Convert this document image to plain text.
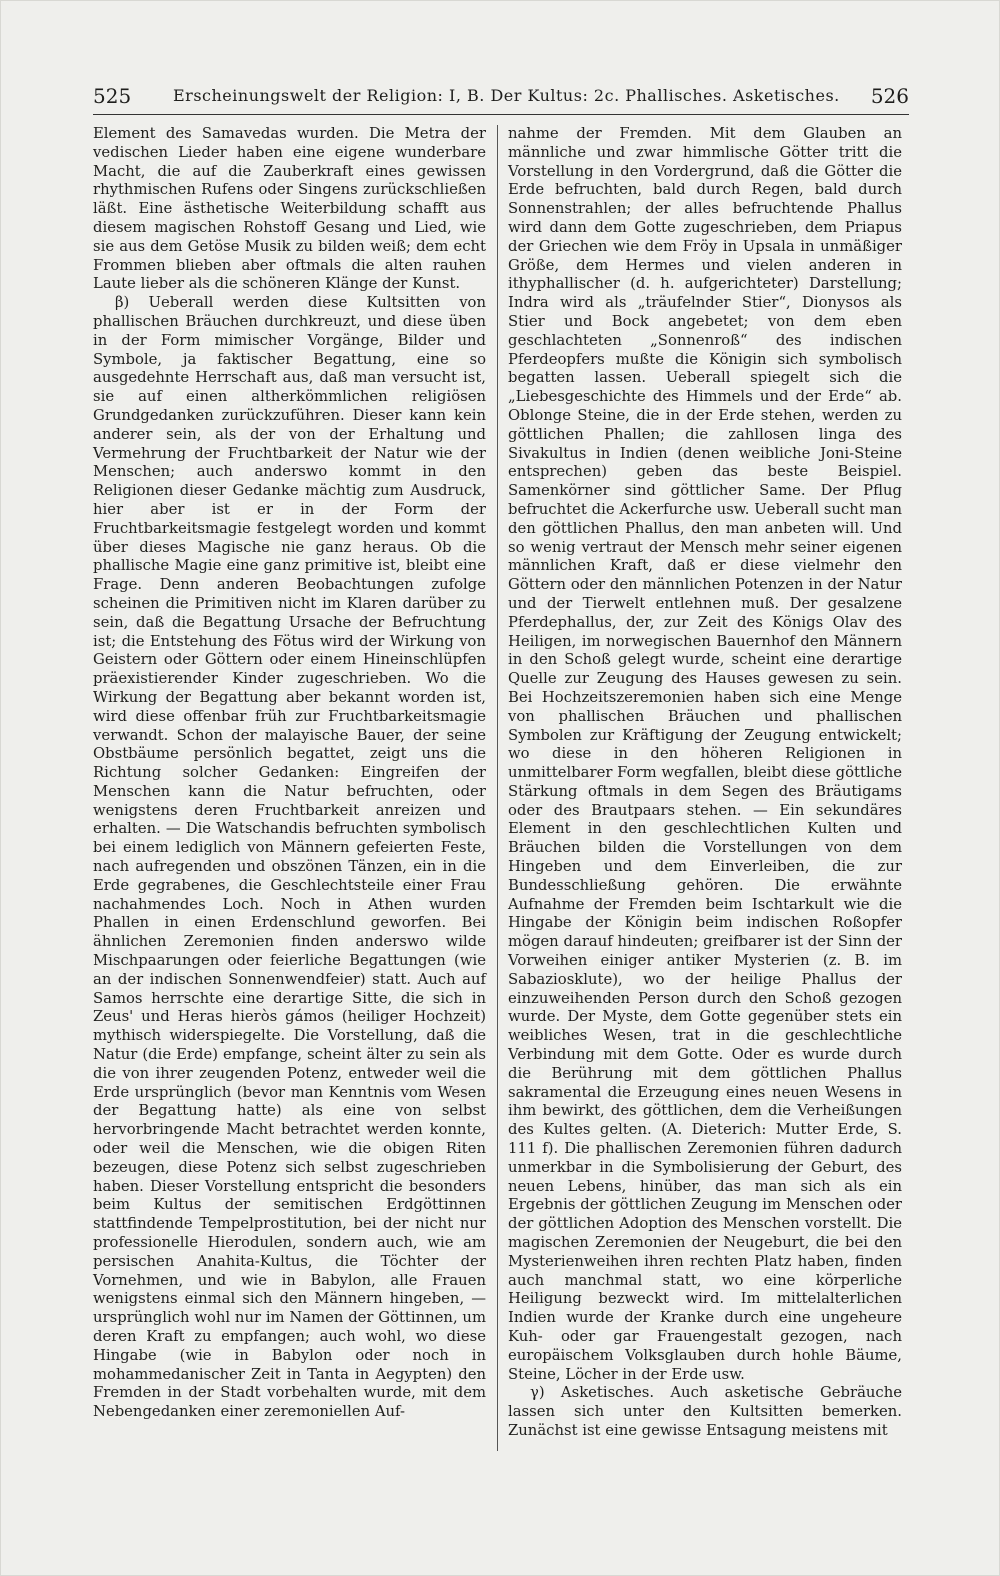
525	Erscheinungswelt der Religion: I, B. Der Kultus: 2c. Phallisches. Asketisches. 526

Element des Samavedas wurden. Die Metra der vedischen Lieder haben eine eigene wunderbare Macht, die auf die Zauberkraft eines gewissen rhythmischen Rufens oder Singens zurückschließen läßt. Eine ästhetische Weiterbildung schafft aus diesem magischen Rohstoff Gesang und Lied, wie sie aus dem Getöse Musik zu bilden weiß; dem echt Frommen blieben aber oftmals die alten rauhen Laute lieber als die schöneren Klänge der Kunst.

β) Ueberall werden diese Kultsitten von phallischen Bräuchen durchkreuzt, und diese üben in der Form mimischer Vorgänge, Bilder und Symbole, ja faktischer Begattung, eine so ausgedehnte Herrschaft aus, daß man versucht ist, sie auf einen altherkömmlichen religiösen Grundgedanken zurückzuführen. Dieser kann kein anderer sein, als der von der Erhaltung und Vermehrung der Fruchtbarkeit der Natur wie der Menschen; auch anderswo kommt in den Religionen dieser Gedanke mächtig zum Ausdruck, hier aber ist er in der Form der Fruchtbarkeitsmagie festgelegt worden und kommt über dieses Magische nie ganz heraus. Ob die phallische Magie eine ganz primitive ist, bleibt eine Frage. Denn anderen Beobachtungen zufolge scheinen die Primitiven nicht im Klaren darüber zu sein, daß die Begattung Ursache der Befruchtung ist; die Entstehung des Fötus wird der Wirkung von Geistern oder Göttern oder einem Hineinschlüpfen präexistierender Kinder zugeschrieben. Wo die Wirkung der Begattung aber bekannt worden ist, wird diese offenbar früh zur Fruchtbarkeitsmagie verwandt. Schon der malayische Bauer, der seine Obstbäume persönlich begattet, zeigt uns die Richtung solcher Gedanken: Eingreifen der Menschen kann die Natur befruchten, oder wenigstens deren Fruchtbarkeit anreizen und erhalten. — Die Watschandis befruchten symbolisch bei einem lediglich von Männern gefeierten Feste, nach aufregenden und obszönen Tänzen, ein in die Erde gegrabenes, die Geschlechtsteile einer Frau nachahmendes Loch. Noch in Athen wurden Phallen in einen Erdenschlund geworfen. Bei ähnlichen Zeremonien finden anderswo wilde Mischpaarungen oder feierliche Begattungen (wie an der indischen Sonnenwendfeier) statt. Auch auf Samos herrschte eine derartige Sitte, die sich in Zeus' und Heras hieròs gámos (heiliger Hochzeit) mythisch widerspiegelte. Die Vorstellung, daß die Natur (die Erde) empfange, scheint älter zu sein als die von ihrer zeugenden Potenz, entweder weil die Erde ursprünglich (bevor man Kenntnis vom Wesen der Begattung hatte) als eine von selbst hervorbringende Macht betrachtet werden konnte, oder weil die Menschen, wie die obigen Riten bezeugen, diese Potenz sich selbst zugeschrieben haben. Dieser Vorstellung entspricht die besonders beim Kultus der semitischen Erdgöttinnen stattfindende Tempelprostitution, bei der nicht nur professionelle Hierodulen, sondern auch, wie am persischen Anahita-Kultus, die Töchter der Vornehmen, und wie in Babylon, alle Frauen wenigstens einmal sich den Männern hingeben, — ursprünglich wohl nur im Namen der Göttinnen, um deren Kraft zu empfangen; auch wohl, wo diese Hingabe (wie in Babylon oder noch in mohammedanischer Zeit in Tanta in Aegypten) den Fremden in der Stadt vorbehalten wurde, mit dem Nebengedanken einer zeremoniellen Auf-

nahme der Fremden. Mit dem Glauben an männliche und zwar himmlische Götter tritt die Vorstellung in den Vordergrund, daß die Götter die Erde befruchten, bald durch Regen, bald durch Sonnenstrahlen; der alles befruchtende Phallus wird dann dem Gotte zugeschrieben, dem Priapus der Griechen wie dem Fröy in Upsala in unmäßiger Größe, dem Hermes und vielen anderen in ithyphallischer (d. h. aufgerichteter) Darstellung; Indra wird als „träufelnder Stier“, Dionysos als Stier und Bock angebetet; von dem eben geschlachteten „Sonnenroß“ des indischen Pferdeopfers mußte die Königin sich symbolisch begatten lassen. Ueberall spiegelt sich die „Liebesgeschichte des Himmels und der Erde“ ab. Oblonge Steine, die in der Erde stehen, werden zu göttlichen Phallen; die zahllosen linga des Sivakultus in Indien (denen weibliche Joni-Steine entsprechen) geben das beste Beispiel. Samenkörner sind göttlicher Same. Der Pflug befruchtet die Ackerfurche usw. Ueberall sucht man den göttlichen Phallus, den man anbeten will. Und so wenig vertraut der Mensch mehr seiner eigenen männlichen Kraft, daß er diese vielmehr den Göttern oder den männlichen Potenzen in der Natur und der Tierwelt entlehnen muß. Der gesalzene Pferdephallus, der, zur Zeit des Königs Olav des Heiligen, im norwegischen Bauernhof den Männern in den Schoß gelegt wurde, scheint eine derartige Quelle zur Zeugung des Hauses gewesen zu sein. Bei Hochzeitszeremonien haben sich eine Menge von phallischen Bräuchen und phallischen Symbolen zur Kräftigung der Zeugung entwickelt; wo diese in den höheren Religionen in unmittelbarer Form wegfallen, bleibt diese göttliche Stärkung oftmals in dem Segen des Bräutigams oder des Brautpaars stehen. — Ein sekundäres Element in den geschlechtlichen Kulten und Bräuchen bilden die Vorstellungen von dem Hingeben und dem Einverleiben, die zur Bundesschließung gehören. Die erwähnte Aufnahme der Fremden beim Ischtarkult wie die Hingabe der Königin beim indischen Roßopfer mögen darauf hindeuten; greifbarer ist der Sinn der Vorweihen einiger antiker Mysterien (z. B. im Sabaziosklute), wo der heilige Phallus der einzuweihenden Person durch den Schoß gezogen wurde. Der Myste, dem Gotte gegenüber stets ein weibliches Wesen, trat in die geschlechtliche Verbindung mit dem Gotte. Oder es wurde durch die Berührung mit dem göttlichen Phallus sakramental die Erzeugung eines neuen Wesens in ihm bewirkt, des göttlichen, dem die Verheißungen des Kultes gelten. (A. Dieterich: Mutter Erde, S. 111 f). Die phallischen Zeremonien führen dadurch unmerkbar in die Symbolisierung der Geburt, des neuen Lebens, hinüber, das man sich als ein Ergebnis der göttlichen Zeugung im Menschen oder der göttlichen Adoption des Menschen vorstellt. Die magischen Zeremonien der Neugeburt, die bei den Mysterienweihen ihren rechten Platz haben, finden auch manchmal statt, wo eine körperliche Heiligung bezweckt wird. Im mittelalterlichen Indien wurde der Kranke durch eine ungeheure Kuh- oder gar Frauengestalt gezogen, nach europäischem Volksglauben durch hohle Bäume, Steine, Löcher in der Erde usw.

γ) Asketisches. Auch asketische Gebräuche lassen sich unter den Kultsitten bemerken. Zunächst ist eine gewisse Entsagung meistens mit
